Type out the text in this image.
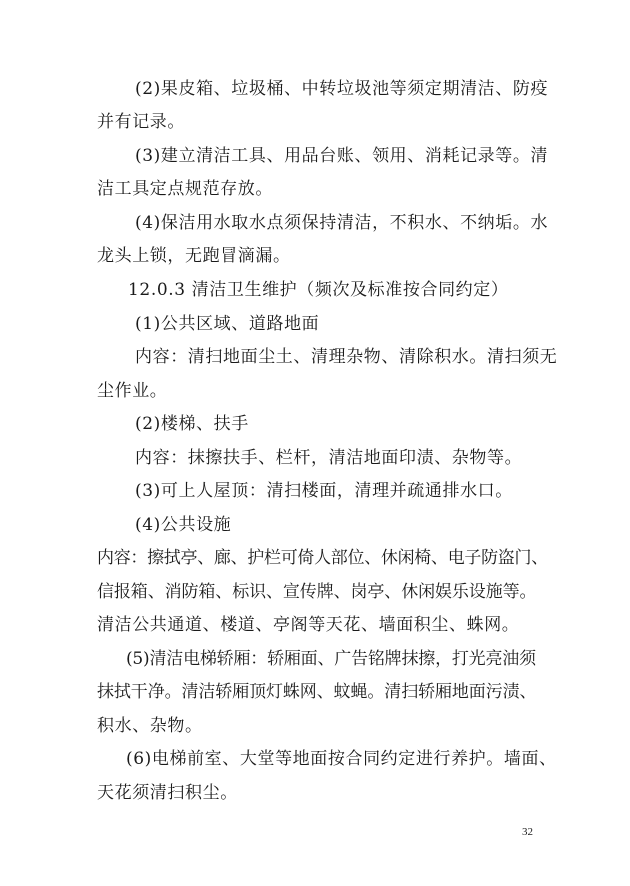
(2)果皮箱、垃圾桶、中转垃圾池等须定期清洁、防疫
并有记录。
(3)建立清洁工具、用品台账、领用、消耗记录等。清
洁工具定点规范存放。
(4)保洁用水取水点须保持清洁，不积水、不纳垢。水
龙头上锁，无跑冒滴漏。
12.0.3 清洁卫生维护（频次及标准按合同约定）
(1)公共区域、道路地面
内容：清扫地面尘土、清理杂物、清除积水。清扫须无
尘作业。
(2)楼梯、扶手
内容：抹擦扶手、栏杆，清洁地面印渍、杂物等。
(3)可上人屋顶：清扫楼面，清理并疏通排水口。
(4)公共设施
内容：擦拭亭、廊、护栏可倚人部位、休闲椅、电子防盗门、
信报箱、消防箱、标识、宣传牌、岗亭、休闲娱乐设施等。
清洁公共通道、楼道、亭阁等天花、墙面积尘、蛛网。
(5)清洁电梯轿厢：轿厢面、广告铭牌抹擦，打光亮油须
抹拭干净。清洁轿厢顶灯蛛网、蚊蝇。清扫轿厢地面污渍、
积水、杂物。
(6)电梯前室、大堂等地面按合同约定进行养护。墙面、
天花须清扫积尘。
32
